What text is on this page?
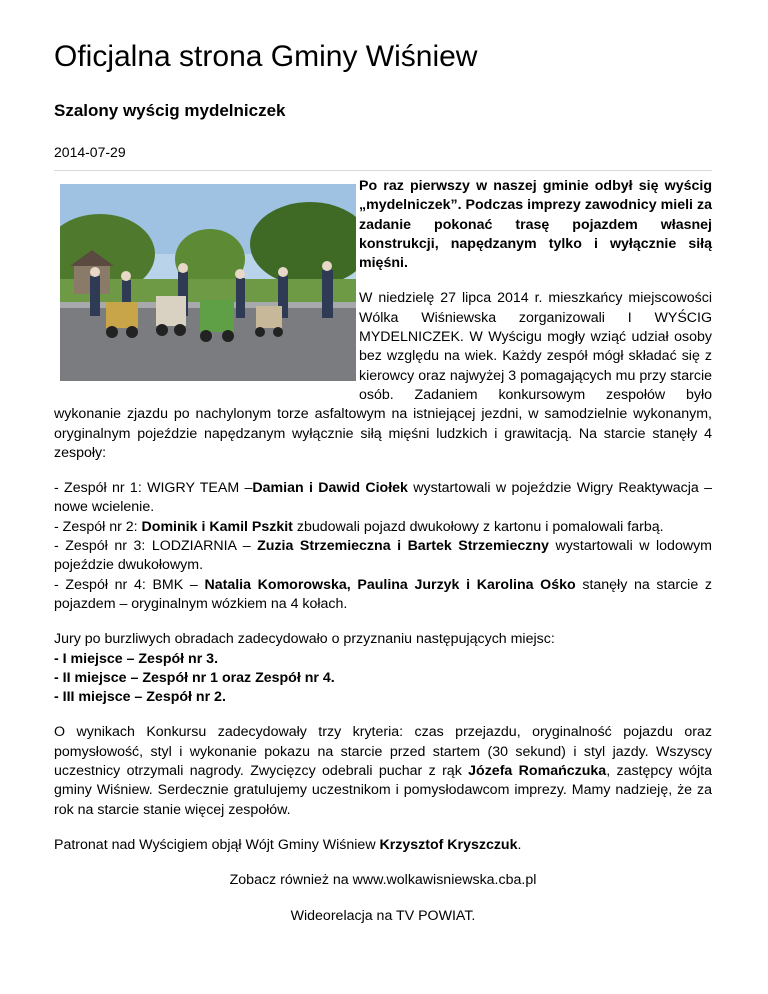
Oficjalna strona Gminy Wiśniew
Szalony wyścig mydelniczek
2014-07-29

Po raz pierwszy w naszej gminie odbył się wyścig „mydelniczek”. Podczas imprezy zawodnicy mieli za zadanie pokonać trasę pojazdem własnej konstrukcji, napędzanym tylko i wyłącznie siłą mięśni.

W niedzielę 27 lipca 2014 r. mieszkańcy miejscowości Wólka Wiśniewska zorganizowali I WYŚCIG MYDELNICZEK. W Wyścigu mogły wziąć udział osoby bez względu na wiek. Każdy zespół mógł składać się z kierowcy oraz najwyżej 3 pomagających mu przy starcie osób. Zadaniem konkursowym zespołów było wykonanie zjazdu po nachylonym torze asfaltowym na istniejącej jezdni, w samodzielnie wykonanym, oryginalnym pojeździe napędzanym wyłącznie siłą mięśni ludzkich i grawitacją. Na starcie stanęły 4 zespoły:

- Zespół nr 1: WIGRY TEAM –Damian i Dawid Ciołek wystartowali w pojeździe Wigry Reaktywacja – nowe wcielenie.
- Zespół nr 2: Dominik i Kamil Pszkit zbudowali pojazd dwukołowy z kartonu i pomalowali farbą.
- Zespół nr 3: LODZIARNIA – Zuzia Strzemieczna i Bartek Strzemieczny wystartowali w lodowym pojeździe dwukołowym.
- Zespół nr 4: BMK – Natalia Komorowska, Paulina Jurzyk i Karolina Ośko stanęły na starcie z pojazdem – oryginalnym wózkiem na 4 kołach.

Jury po burzliwych obradach zadecydowało o przyznaniu następujących miejsc:
- I miejsce – Zespół nr 3.
- II miejsce – Zespół nr 1 oraz Zespół nr 4.
- III miejsce – Zespół nr 2.

O wynikach Konkursu zadecydowały trzy kryteria: czas przejazdu, oryginalność pojazdu oraz pomysłowość, styl i wykonanie pokazu na starcie przed startem (30 sekund) i styl jazdy. Wszyscy uczestnicy otrzymali nagrody. Zwycięzcy odebrali puchar z rąk Józefa Romańczuka, zastępcy wójta gminy Wiśniew. Serdecznie gratulujemy uczestnikom i pomysłodawcom imprezy. Mamy nadzieję, że za rok na starcie stanie więcej zespołów.

Patronat nad Wyścigiem objął Wójt Gminy Wiśniew Krzysztof Kryszczuk.

Zobacz również na www.wolkawisniewska.cba.pl

Wideorelacja na TV POWIAT.
